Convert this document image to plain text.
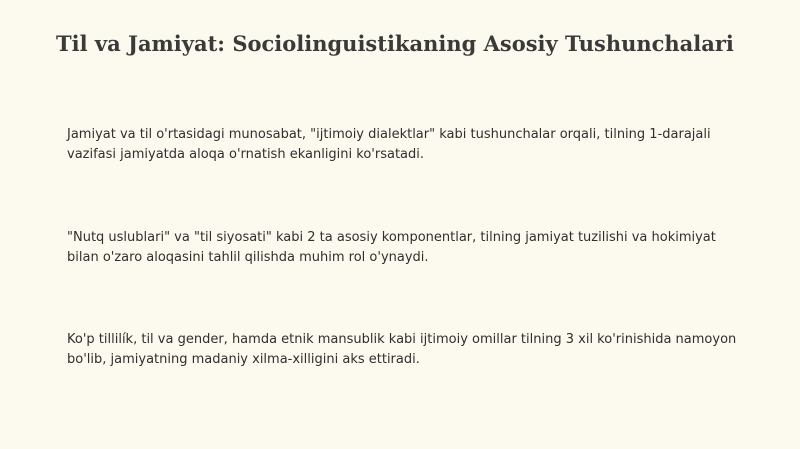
Til va Jamiyat: Sociolinguistikaning Asosiy Tushunchalari

Jamiyat va til o'rtasidagi munosabat, "ijtimoiy dialektlar" kabi tushunchalar orqali, tilning 1-darajali vazifasi jamiyatda aloqa o'rnatish ekanligini ko'rsatadi.

"Nutq uslublari" va "til siyosati" kabi 2 ta asosiy komponentlar, tilning jamiyat tuzilishi va hokimiyat bilan o'zaro aloqasini tahlil qilishda muhim rol o'ynaydi.

Ko'p tillilík, til va gender, hamda etnik mansublik kabi ijtimoiy omillar tilning 3 xil ko'rinishida namoyon bo'lib, jamiyatning madaniy xilma-xilligini aks ettiradi.
